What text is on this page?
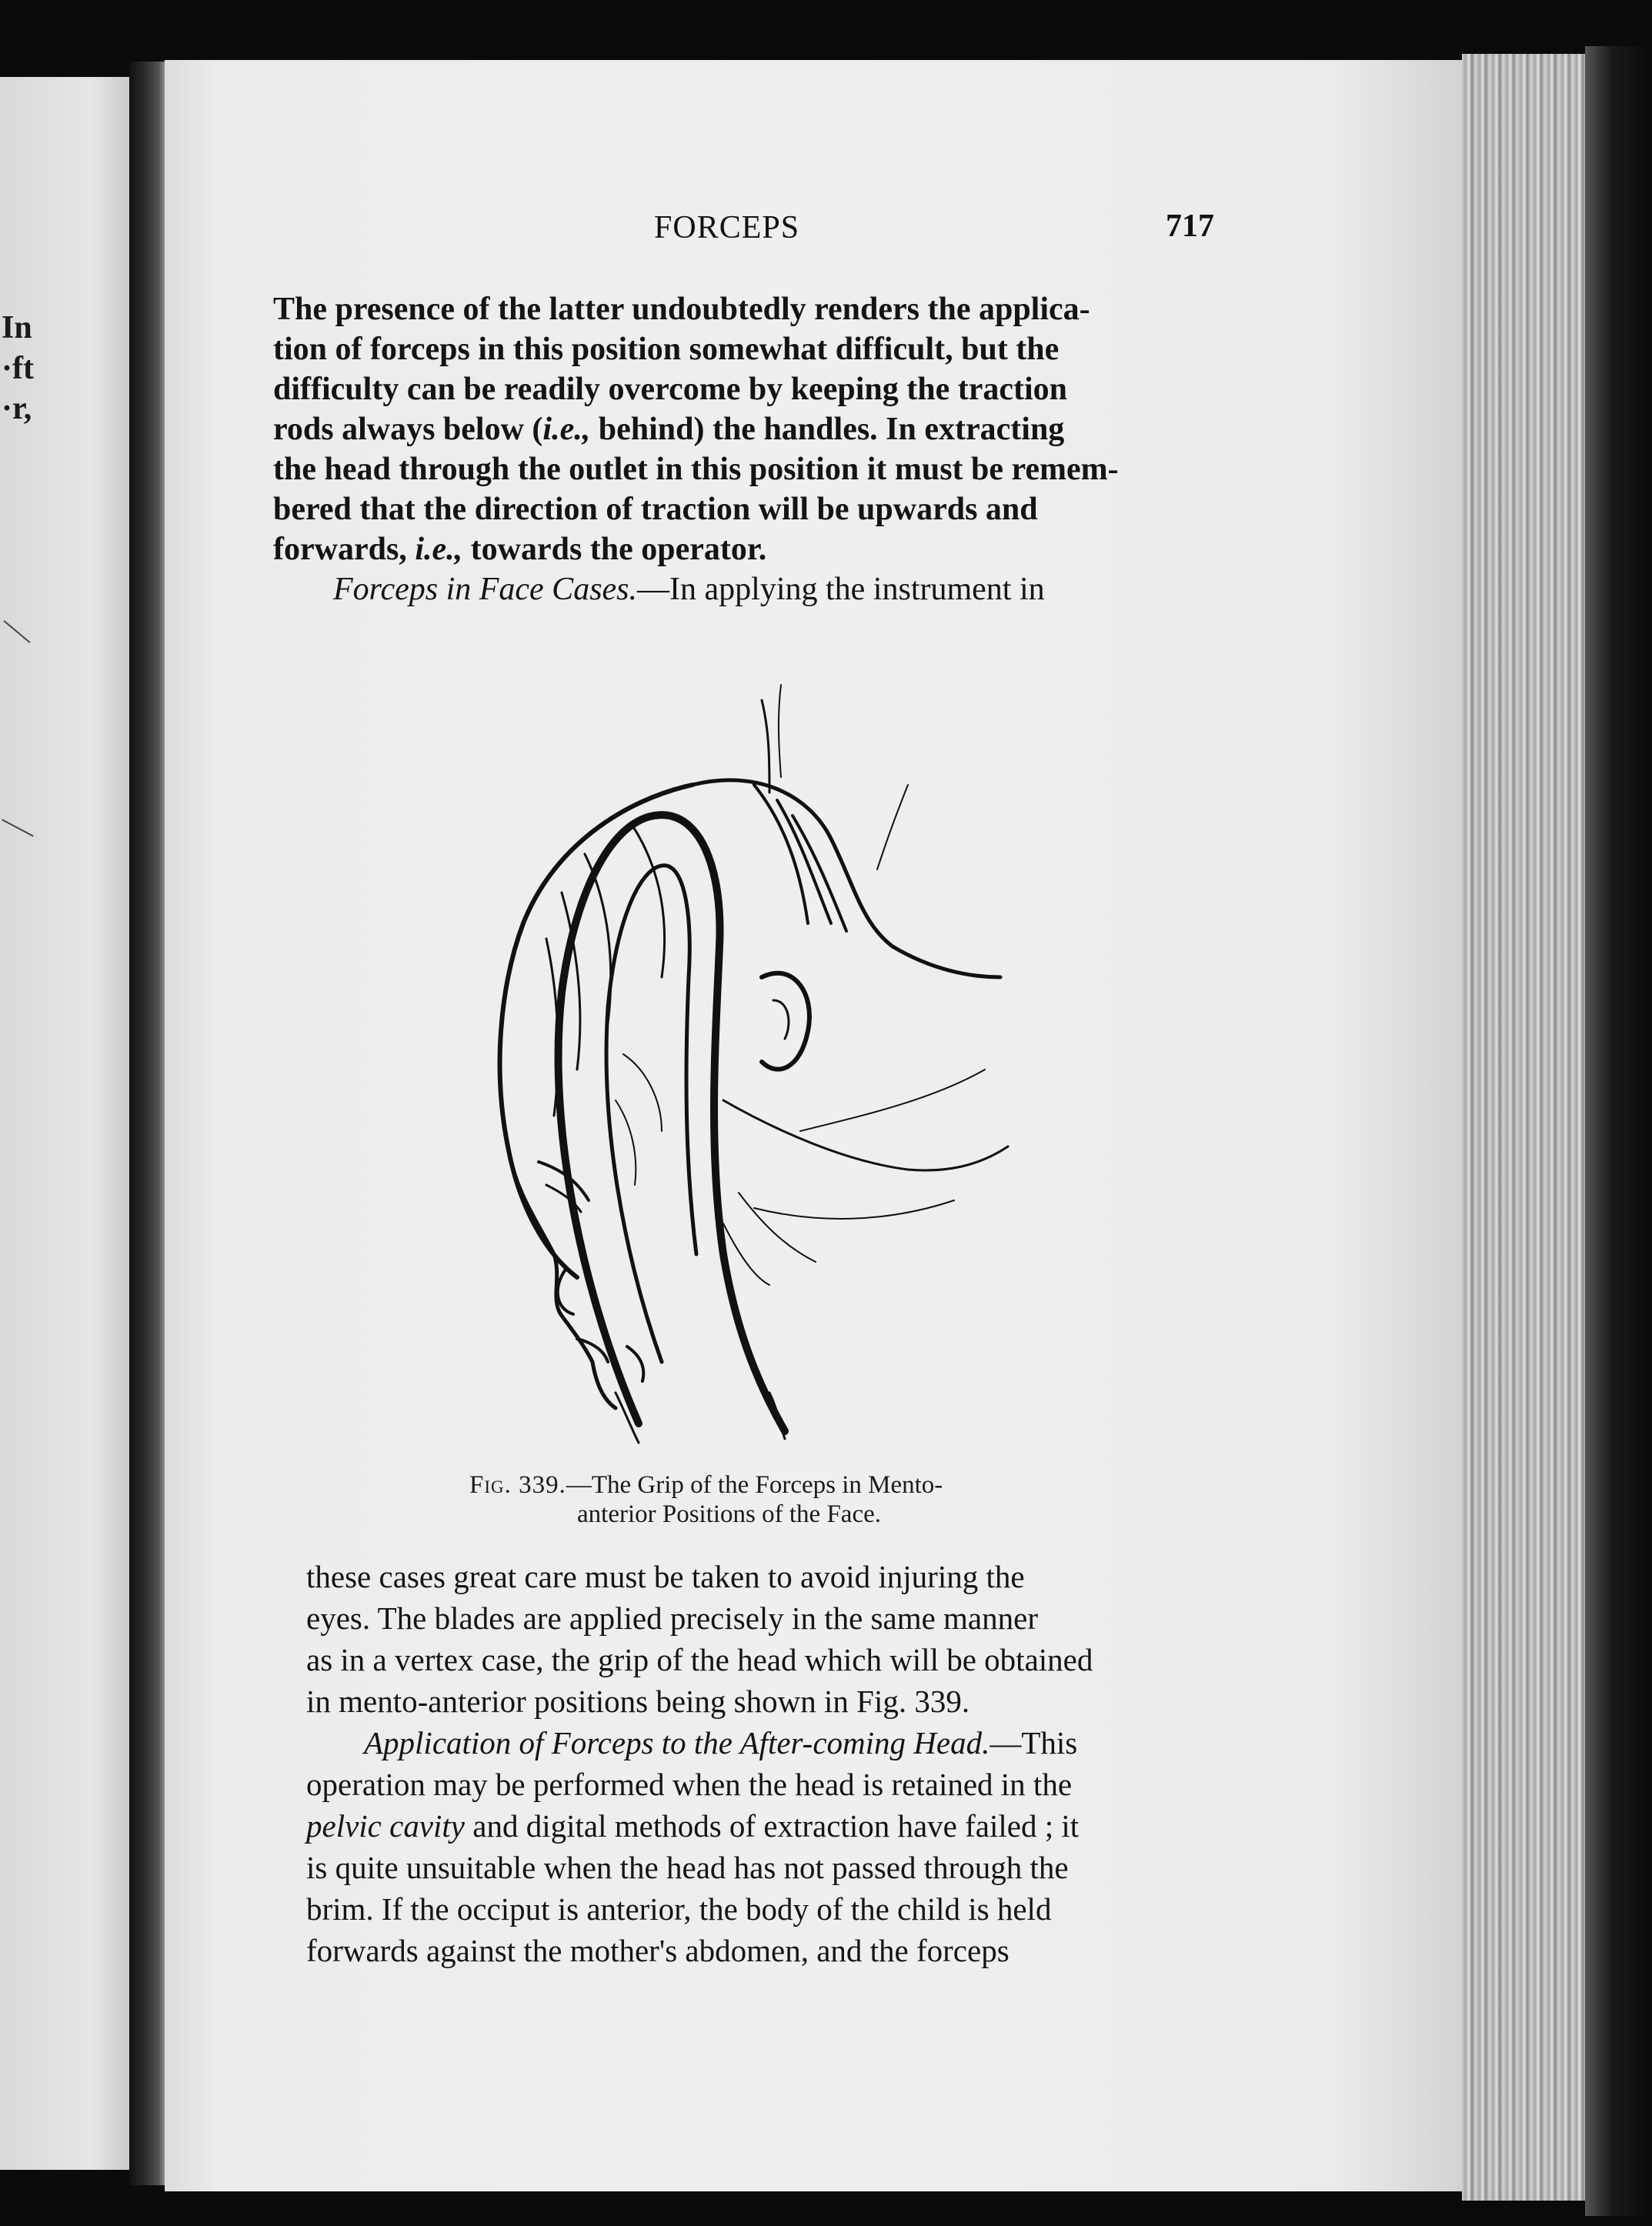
In
·ft
·r,
FORCEPS	717
The presence of the latter undoubtedly renders the applica-
tion of forceps in this position somewhat difficult, but the
difficulty can be readily overcome by keeping the traction
rods always below (i.e., behind) the handles. In extracting
the head through the outlet in this position it must be remem-
bered that the direction of traction will be upwards and
forwards, i.e., towards the operator.
Forceps in Face Cases.—In applying the instrument in
Fig. 339.—The Grip of the Forceps in Mento-
anterior Positions of the Face.
these cases great care must be taken to avoid injuring the
eyes. The blades are applied precisely in the same manner
as in a vertex case, the grip of the head which will be obtained
in mento-anterior positions being shown in Fig. 339.
Application of Forceps to the After-coming Head.—This
operation may be performed when the head is retained in the
pelvic cavity and digital methods of extraction have failed ; it
is quite unsuitable when the head has not passed through the
brim. If the occiput is anterior, the body of the child is held
forwards against the mother's abdomen, and the forceps
